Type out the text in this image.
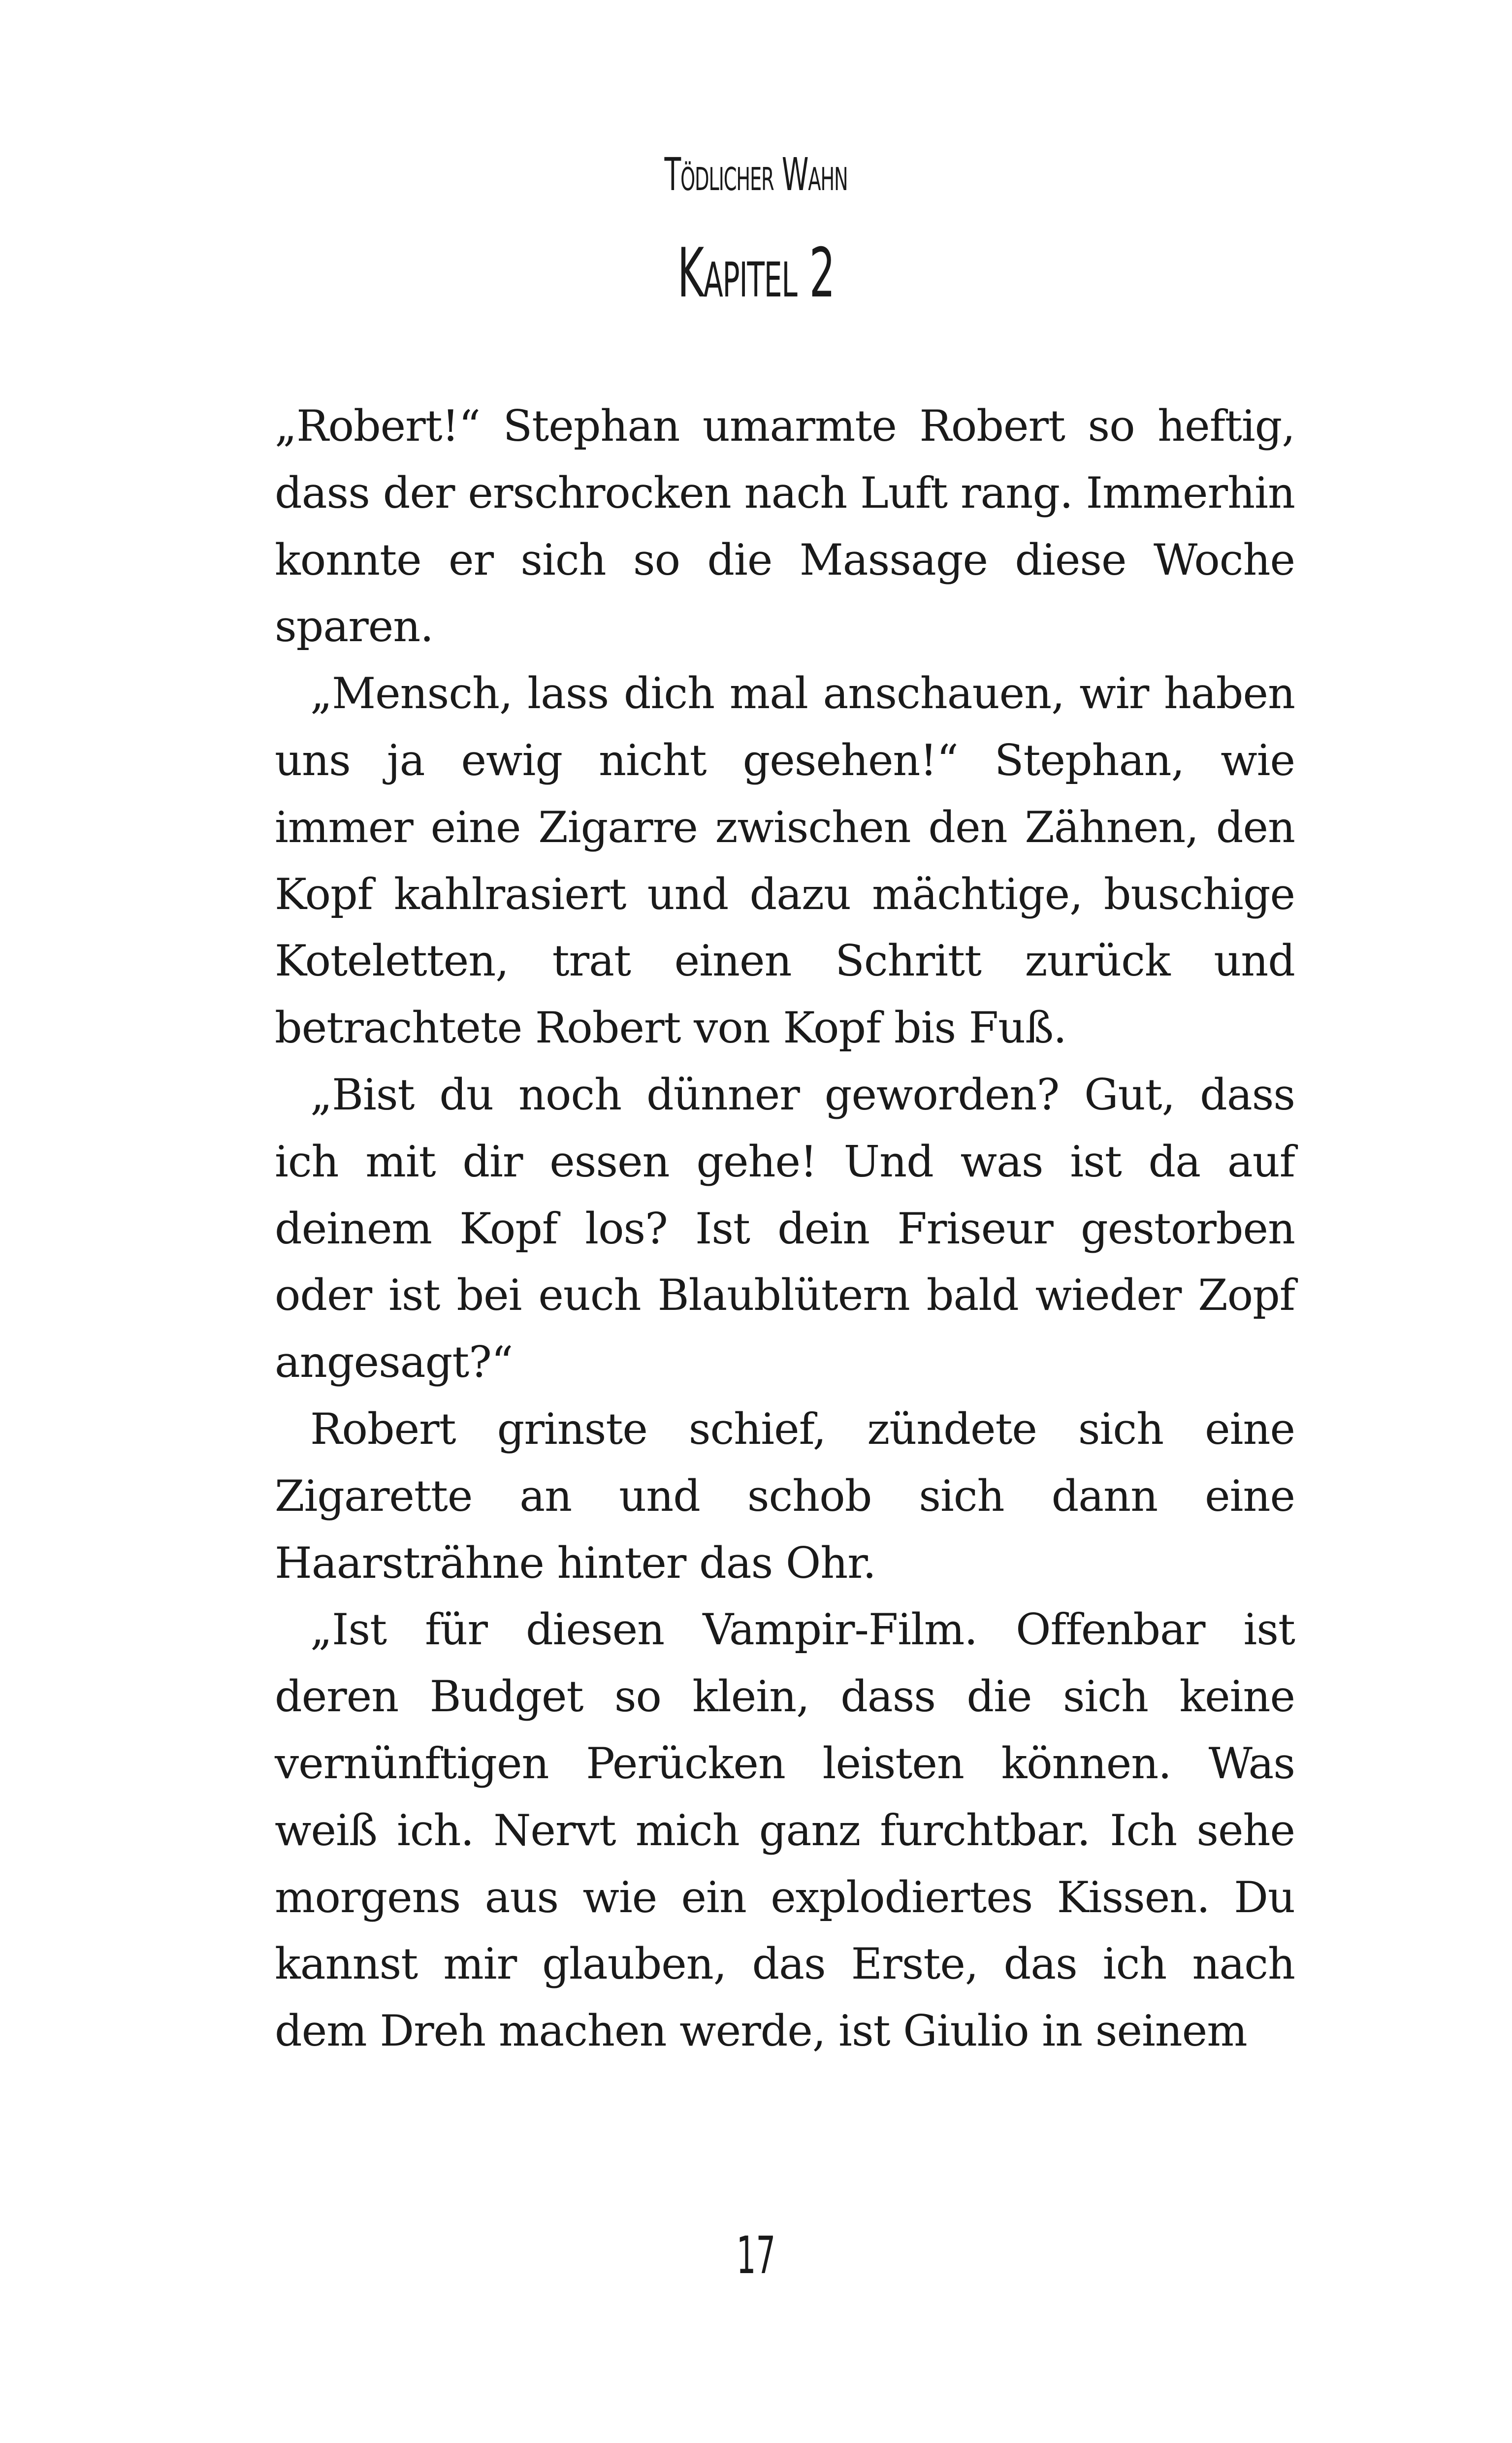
Tödlicher Wahn
Kapitel 2

„Robert!“ Stephan umarmte Robert so heftig, dass der erschrocken nach Luft rang. Immerhin konnte er sich so die Massage diese Woche sparen.

„Mensch, lass dich mal anschauen, wir haben uns ja ewig nicht gesehen!“ Stephan, wie immer eine Zigarre zwischen den Zähnen, den Kopf kahlrasiert und dazu mächtige, buschige Koteletten, trat einen Schritt zurück und betrachtete Robert von Kopf bis Fuß.

„Bist du noch dünner geworden? Gut, dass ich mit dir essen gehe! Und was ist da auf deinem Kopf los? Ist dein Friseur gestorben oder ist bei euch Blaublütern bald wieder Zopf angesagt?“

Robert grinste schief, zündete sich eine Zigarette an und schob sich dann eine Haarsträhne hinter das Ohr.

„Ist für diesen Vampir-Film. Offenbar ist deren Budget so klein, dass die sich keine vernünftigen Perücken leisten können. Was weiß ich. Nervt mich ganz furchtbar. Ich sehe morgens aus wie ein explodiertes Kissen. Du kannst mir glauben, das Erste, das ich nach dem Dreh machen werde, ist Giulio in seinem

17
